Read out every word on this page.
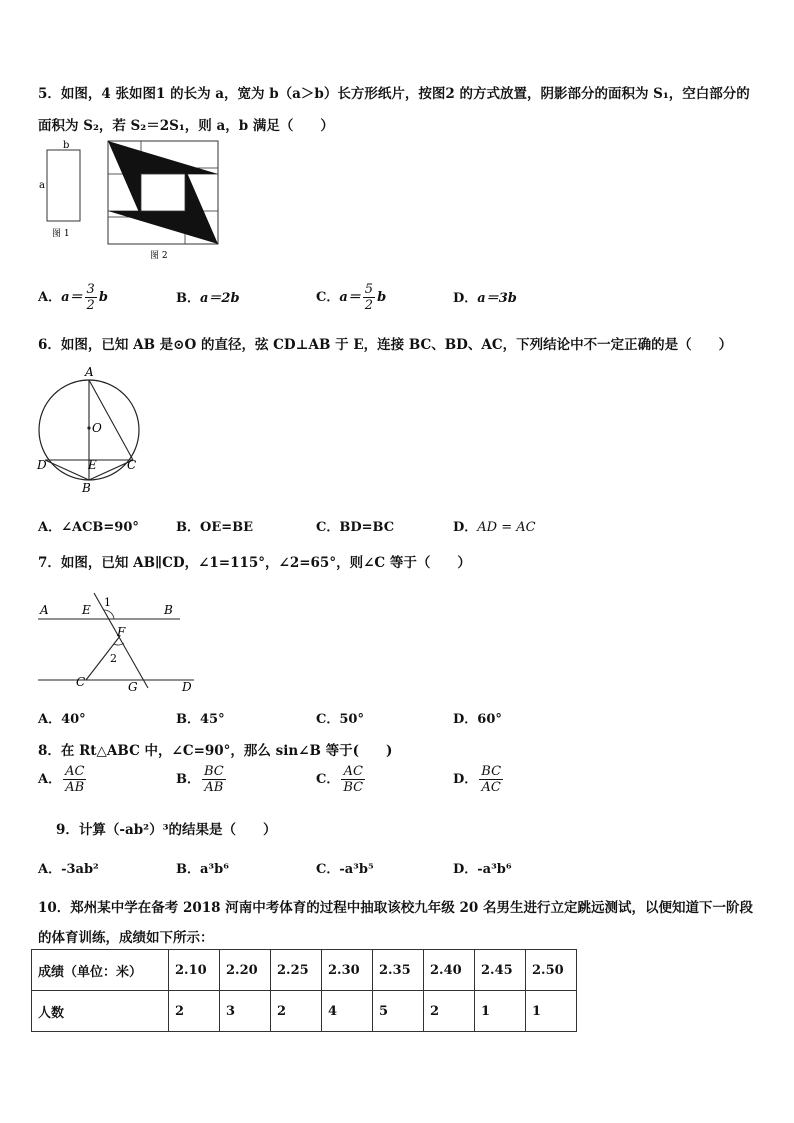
5．如图，4 张如图1 的长为 a，宽为 b（a＞b）长方形纸片，按图2 的方式放置，阴影部分的面积为 S₁，空白部分的
面积为 S₂，若 S₂＝2S₁，则 a，b 满足（　　）
b
a
图 1
图 2
A．$a= \frac{3}{2}$ b	B．a＝2b	C．$a= \frac{5}{2}$ b	D．a＝3b
6．如图，已知 AB 是⊙O 的直径，弦 CD⊥AB 于 E，连接 BC、BD、AC，下列结论中不一定正确的是（　　）
A
O
D	E	C
B
A．∠ACB=90°	B．OE=BE	C．BD=BC	D．AD = AC
7．如图，已知 AB∥CD，∠1=115°，∠2=65°，则∠C 等于（　　）
A	E
1
B
F
2
C	G	D
A．40°	B．45°	C．50°	D．60°
8．在 Rt△ABC 中，∠C=90°，那么 sin∠B 等于(　　)
A． $\frac{AC}{AB}$	B． $\frac{BC}{AB}$	C． $\frac{AC}{BC}$	D． $\frac{BC}{AC}$
9．计算（-ab²）³的结果是（　　）
A．-3ab²	B．a³b⁶	C．-a³b⁵	D．-a³b⁶
10．郑州某中学在备考 2018 河南中考体育的过程中抽取该校九年级 20 名男生进行立定跳远测试，以便知道下一阶段
的体育训练，成绩如下所示：
成绩（单位：米）	2.10	2.20	2.25	2.30	2.35	2.40	2.45	2.50
人数	2	3	2	4	5	2	1	1
